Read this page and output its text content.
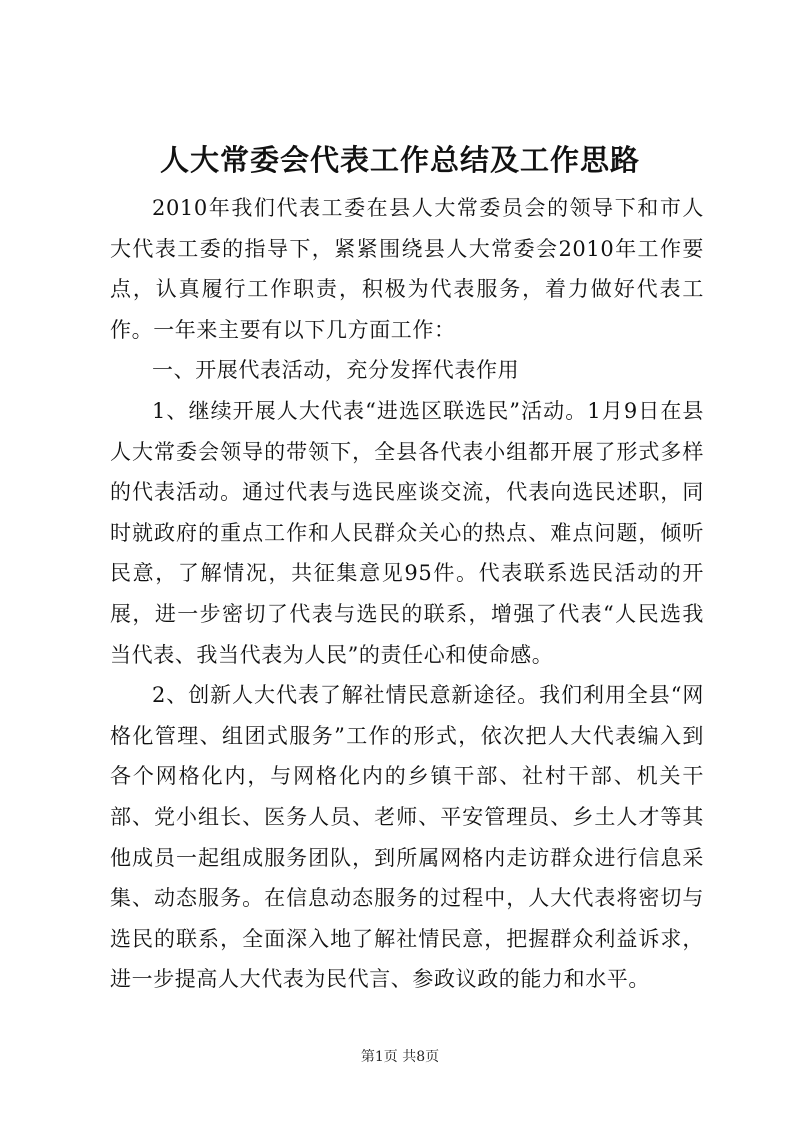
人大常委会代表工作总结及工作思路

2010年我们代表工委在县人大常委员会的领导下和市人大代表工委的指导下，紧紧围绕县人大常委会2010年工作要点，认真履行工作职责，积极为代表服务，着力做好代表工作。一年来主要有以下几方面工作：

一、开展代表活动，充分发挥代表作用

1、继续开展人大代表“进选区联选民”活动。1月9日在县人大常委会领导的带领下，全县各代表小组都开展了形式多样的代表活动。通过代表与选民座谈交流，代表向选民述职，同时就政府的重点工作和人民群众关心的热点、难点问题，倾听民意，了解情况，共征集意见95件。代表联系选民活动的开展，进一步密切了代表与选民的联系，增强了代表“人民选我当代表、我当代表为人民”的责任心和使命感。

2、创新人大代表了解社情民意新途径。我们利用全县“网格化管理、组团式服务”工作的形式，依次把人大代表编入到各个网格化内，与网格化内的乡镇干部、社村干部、机关干部、党小组长、医务人员、老师、平安管理员、乡土人才等其他成员一起组成服务团队，到所属网格内走访群众进行信息采集、动态服务。在信息动态服务的过程中，人大代表将密切与选民的联系，全面深入地了解社情民意，把握群众利益诉求，进一步提高人大代表为民代言、参政议政的能力和水平。

第1页 共8页
